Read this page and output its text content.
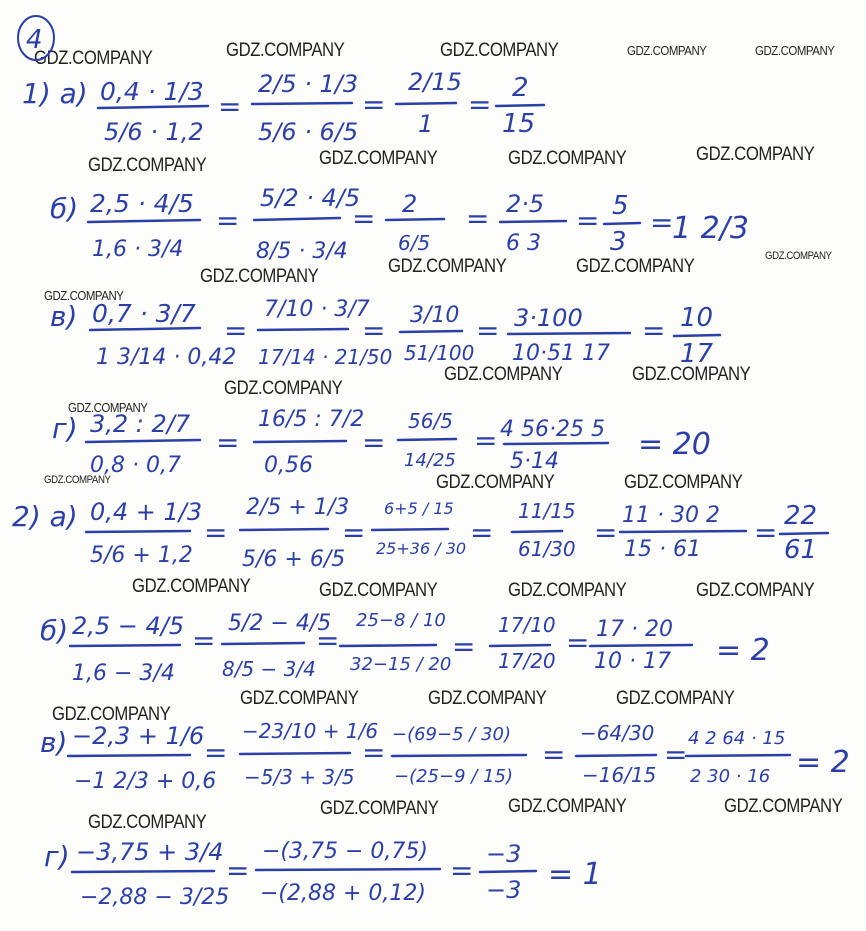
GDZ.COMPANY	GDZ.COMPANY	GDZ.COMPANY	GDZ.COMPANY	GDZ.COMPANY
GDZ.COMPANY	GDZ.COMPANY	GDZ.COMPANY	GDZ.COMPANY
GDZ.COMPANY	GDZ.COMPANY	GDZ.COMPANY	GDZ.COMPANY
GDZ.COMPANY
GDZ.COMPANY
GDZ.COMPANY	GDZ.COMPANY
GDZ.COMPANY
GDZ.COMPANY	GDZ.COMPANY	GDZ.COMPANY
GDZ.COMPANY	GDZ.COMPANY	GDZ.COMPANY	GDZ.COMPANY
GDZ.COMPANY	GDZ.COMPANY	GDZ.COMPANY
GDZ.COMPANY
GDZ.COMPANY	GDZ.COMPANY	GDZ.COMPANY
GDZ.COMPANY
4
1) а) 0,4 · 1/3
5/6 · 1,2
=
2/5 · 1/3
5/6 · 6/5
=
2/15
1
= 2
15
б) 2,5 · 4/5
1,6 · 3/4
=
5/2 · 4/5
8/5 · 3/4
= 2
6/5
= 2·5
6 3
= 5
3
=
1 2/3
в) 0,7 · 3/7
1 3/14 · 0,42
=
7/10 · 3/7
17/14 · 21/50
= 3/10
51/100
= 3·100
10·51 17
= 10
17
г) 3,2 : 2/7
0,8 · 0,7
=
16/5 : 7/2
0,56
=
56/5
14/25
= 4 56·25 5
5·14	= 20
2) а) 0,4 + 1/3
5/6 + 1,2
=
2/5 + 1/3
5/6 + 6/5
=
6+5 / 15
25+36 / 30 =
11/15
61/30 =
11 · 30 2
15 · 61
= 22
61
б) 2,5 − 4/5
1,6 − 3/4
=
5/2 − 4/5
8/5 − 3/4
=
25−8 / 10
32−15 / 20
=
17/10
17/20
= 17 · 20
10 · 17 = 2
в) −2,3 + 1/6
−1 2/3 + 0,6
=
−23/10 + 1/6
−5/3 + 3/5
=
−(69−5 / 30)
−(25−9 / 15)
=
−64/30
−16/15
= 4 2 64 · 15
2 30 · 16 = 2
г) −3,75 + 3/4
−2,88 − 3/25
=
−(3,75 − 0,75)
−(2,88 + 0,12)
= −3
−3 = 1
